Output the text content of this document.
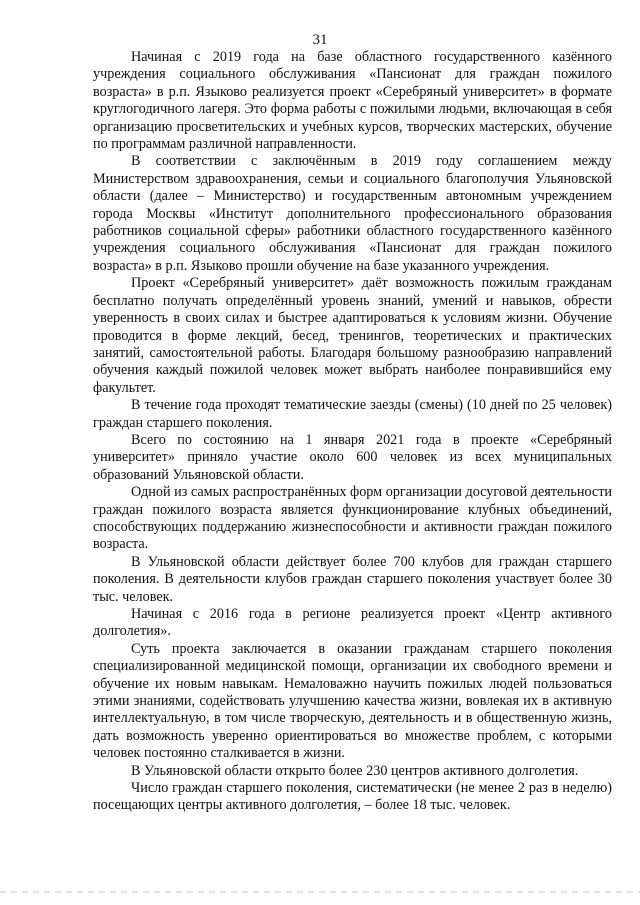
31

Начиная с 2019 года на базе областного государственного казённого учреждения социального обслуживания «Пансионат для граждан пожилого возраста» в р.п. Языково реализуется проект «Серебряный университет» в формате круглогодичного лагеря. Это форма работы с пожилыми людьми, включающая в себя организацию просветительских и учебных курсов, творческих мастерских, обучение по программам различной направленности.

В соответствии с заключённым в 2019 году соглашением между Министерством здравоохранения, семьи и социального благополучия Ульяновской области (далее – Министерство) и государственным автономным учреждением города Москвы «Институт дополнительного профессионального образования работников социальной сферы» работники областного государственного казённого учреждения социального обслуживания «Пансионат для граждан пожилого возраста» в р.п. Языково прошли обучение на базе указанного учреждения.

Проект «Серебряный университет» даёт возможность пожилым гражданам бесплатно получать определённый уровень знаний, умений и навыков, обрести уверенность в своих силах и быстрее адаптироваться к условиям жизни. Обучение проводится в форме лекций, бесед, тренингов, теоретических и практических занятий, самостоятельной работы. Благодаря большому разнообразию направлений обучения каждый пожилой человек может выбрать наиболее понравившийся ему факультет.

В течение года проходят тематические заезды (смены) (10 дней по 25 человек) граждан старшего поколения.

Всего по состоянию на 1 января 2021 года в проекте «Серебряный университет» приняло участие около 600 человек из всех муниципальных образований Ульяновской области.

Одной из самых распространённых форм организации досуговой деятельности граждан пожилого возраста является функционирование клубных объединений, способствующих поддержанию жизнеспособности и активности граждан пожилого возраста.

В Ульяновской области действует более 700 клубов для граждан старшего поколения. В деятельности клубов граждан старшего поколения участвует более 30 тыс. человек.

Начиная с 2016 года в регионе реализуется проект «Центр активного долголетия».

Суть проекта заключается в оказании гражданам старшего поколения специализированной медицинской помощи, организации их свободного времени и обучение их новым навыкам. Немаловажно научить пожилых людей пользоваться этими знаниями, содействовать улучшению качества жизни, вовлекая их в активную интеллектуальную, в том числе творческую, деятельность и в общественную жизнь, дать возможность уверенно ориентироваться во множестве проблем, с которыми человек постоянно сталкивается в жизни.

В Ульяновской области открыто более 230 центров активного долголетия.

Число граждан старшего поколения, систематически (не менее 2 раз в неделю) посещающих центры активного долголетия, – более 18 тыс. человек.
